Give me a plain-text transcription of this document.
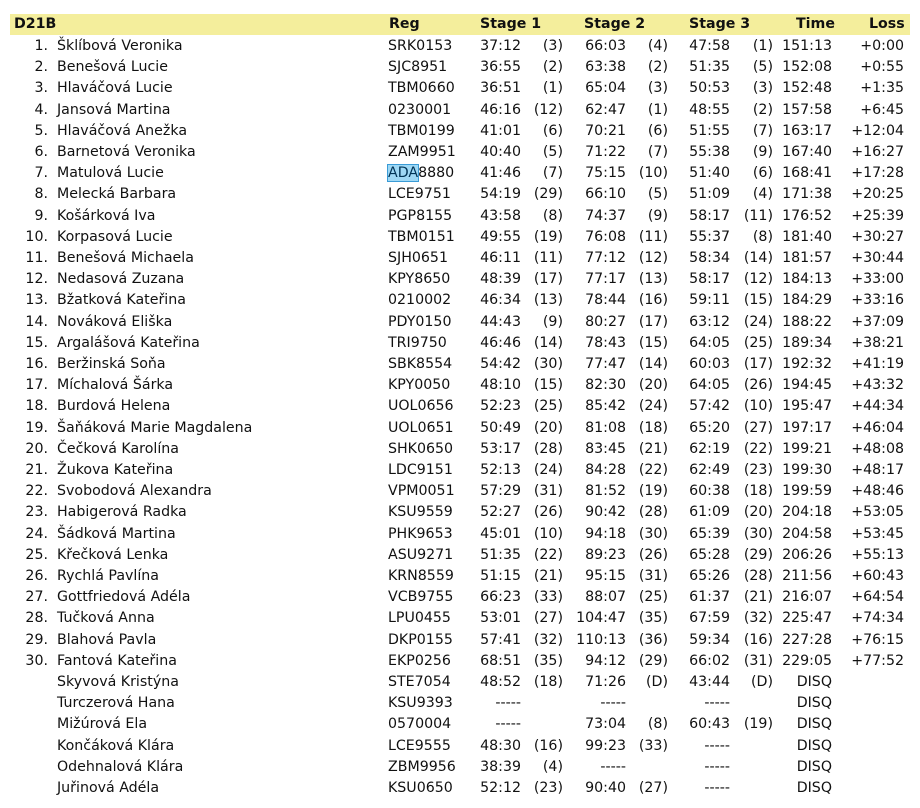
D21B	Reg	Stage 1	Stage 2	Stage 3	Time Loss
1. Šklíbová Veronika	SRK0153	37:12	(3)	66:03	(4)	47:58	(1) 151:13	+0:00
2. Benešová Lucie	SJC8951	36:55	(2)	63:38	(2)	51:35	(5) 152:08	+0:55
3. Hlaváčová Lucie	TBM0660	36:51	(1)	65:04	(3)	50:53	(3) 152:48	+1:35
4. Jansová Martina	0230001	46:16 (12)	62:47	(1)	48:55	(2) 157:58	+6:45
5. Hlaváčová Anežka	TBM0199	41:01	(6)	70:21	(6)	51:55	(7) 163:17	+12:04
6. Barnetová Veronika	ZAM9951	40:40	(5)	71:22	(7)	55:38	(9) 167:40	+16:27
7. Matulová Lucie	ADA8880	41:46	(7)	75:15 (10)	51:40	(6) 168:41	+17:28
8. Melecká Barbara	LCE9751	54:19 (29)	66:10	(5)	51:09	(4) 171:38	+20:25
9. Košárková Iva	PGP8155	43:58	(8)	74:37	(9)	58:17 (11) 176:52	+25:39
10. Korpasová Lucie	TBM0151	49:55 (19)	76:08 (11)	55:37	(8) 181:40	+30:27
11. Benešová Michaela	SJH0651	46:11 (11)	77:12 (12)	58:34 (14) 181:57	+30:44
12. Nedasová Zuzana	KPY8650	48:39 (17)	77:17 (13)	58:17 (12) 184:13	+33:00
13. Bžatková Kateřina	0210002	46:34 (13)	78:44 (16)	59:11 (15) 184:29	+33:16
14. Nováková Eliška	PDY0150	44:43	(9)	80:27 (17)	63:12 (24) 188:22	+37:09
15. Argalášová Kateřina	TRI9750	46:46 (14)	78:43 (15)	64:05 (25) 189:34	+38:21
16. Beržinská Soňa	SBK8554	54:42 (30)	77:47 (14)	60:03 (17) 192:32	+41:19
17. Míchalová Šárka	KPY0050	48:10 (15)	82:30 (20)	64:05 (26) 194:45	+43:32
18. Burdová Helena	UOL0656	52:23 (25)	85:42 (24)	57:42 (10) 195:47	+44:34
19. Šaňáková Marie Magdalena	UOL0651	50:49 (20)	81:08 (18)	65:20 (27) 197:17	+46:04
20. Čečková Karolína	SHK0650	53:17 (28)	83:45 (21)	62:19 (22) 199:21	+48:08
21. Žukova Kateřina	LDC9151	52:13 (24)	84:28 (22)	62:49 (23) 199:30	+48:17
22. Svobodová Alexandra	VPM0051	57:29 (31)	81:52 (19)	60:38 (18) 199:59	+48:46
23. Habigerová Radka	KSU9559	52:27 (26)	90:42 (28)	61:09 (20) 204:18	+53:05
24. Šádková Martina	PHK9653	45:01 (10)	94:18 (30)	65:39 (30) 204:58	+53:45
25. Křečková Lenka	ASU9271	51:35 (22)	89:23 (26)	65:28 (29) 206:26	+55:13
26. Rychlá Pavlína	KRN8559	51:15 (21)	95:15 (31)	65:26 (28) 211:56	+60:43
27. Gottfriedová Adéla	VCB9755	66:23 (33)	88:07 (25)	61:37 (21) 216:07	+64:54
28. Tučková Anna	LPU0455	53:01 (27) 104:47 (35)	67:59 (32) 225:47	+74:34
29. Blahová Pavla	DKP0155	57:41 (32) 110:13 (36)	59:34 (16) 227:28	+76:15
30. Fantová Kateřina	EKP0256	68:51 (35)	94:12 (29)	66:02 (31) 229:05	+77:52
Skyvová Kristýna	STE7054	48:52 (18)	71:26	(D)	43:44	(D)	DISQ
Turczerová Hana	KSU9393	-----	-----	-----	DISQ
Mižúrová Ela	0570004	-----	73:04	(8)	60:43 (19)	DISQ
Končáková Klára	LCE9555	48:30 (16)	99:23 (33)	-----	DISQ
Odehnalová Klára	ZBM9956	38:39	(4)	-----	-----	DISQ
Juřinová Adéla	KSU0650	52:12 (23)	90:40 (27)	-----	DISQ
